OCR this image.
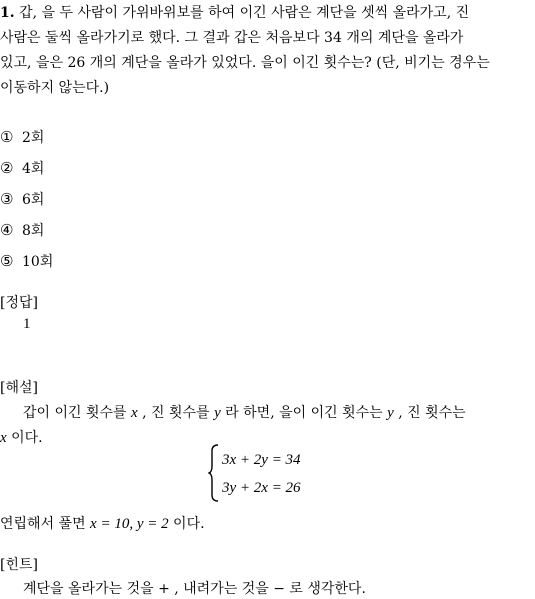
1. 갑, 을 두 사람이 가위바위보를 하여 이긴 사람은 계단을 셋씩 올라가고, 진
사람은 둘씩 올라가기로 했다. 그 결과 갑은 처음보다 34 개의 계단을 올라가
있고, 을은 26 개의 계단을 올라가 있었다. 을이 이긴 횟수는? (단, 비기는 경우는
이동하지 않는다.)
① 2회
② 4회
③ 6회
④ 8회
⑤ 10회
[정답]
1
[해설]
갑이 이긴 횟수를 x , 진 횟수를 y 라 하면, 을이 이긴 횟수는 y , 진 횟수는
x 이다.
3x + 2y = 34
3y + 2x = 26
연립해서 풀면 x = 10, y = 2 이다.
[힌트]
계단을 올라가는 것을 + , 내려가는 것을 − 로 생각한다.
